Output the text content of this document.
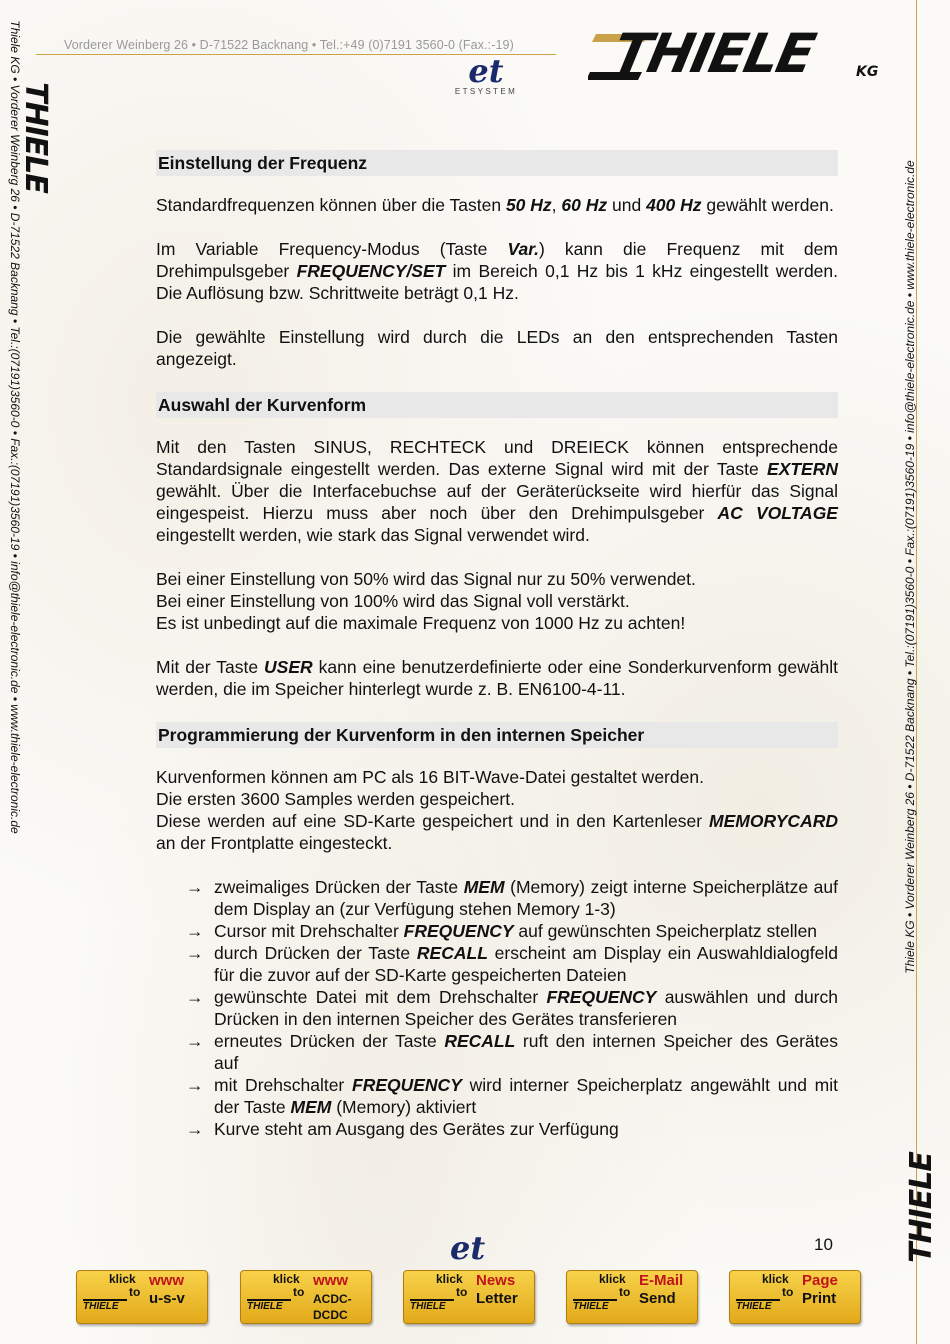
Vorderer Weinberg 26 • D-71522 Backnang • Tel.:+49 (0)7191 3560-0 (Fax.:-19) THIELE	KG
et
ETSYSTEM
THIELE
Thiele KG • Vorderer Weinberg 26 • D-71522 Backnang • Tel.:(07191)3560-0 • Fax.:(07191)3560-19 • info@thiele-electronic.de • www.thiele-electronic.de	Thiele KG • Vorderer Weinberg 26 • D-71522 Backnang • Tel.:(07191)3560-0 • Fax.:(07191)3560-19 • info@thiele-electronic.de • www.thiele-electronic.de
THIELE
Einstellung der Frequenz

Standardfrequenzen können über die Tasten 50 Hz, 60 Hz und 400 Hz gewählt werden.

Im Variable Frequency-Modus (Taste Var.) kann die Frequenz mit dem Drehimpulsgeber FREQUENCY/SET im Bereich 0,1 Hz bis 1 kHz eingestellt werden. Die Auflösung bzw. Schrittweite beträgt 0,1 Hz.

Die gewählte Einstellung wird durch die LEDs an den entsprechenden Tasten angezeigt.

Auswahl der Kurvenform

Mit den Tasten SINUS, RECHTECK und DREIECK können entsprechende Standardsignale eingestellt werden. Das externe Signal wird mit der Taste EXTERN gewählt. Über die Interfacebuchse auf der Geräterückseite wird hierfür das Signal eingespeist. Hierzu muss aber noch über den Drehimpulsgeber AC VOLTAGE eingestellt werden, wie stark das Signal verwendet wird.

Bei einer Einstellung von 50% wird das Signal nur zu 50% verwendet.
Bei einer Einstellung von 100% wird das Signal voll verstärkt.
Es ist unbedingt auf die maximale Frequenz von 1000 Hz zu achten!

Mit der Taste USER kann eine benutzerdefinierte oder eine Sonderkurvenform gewählt werden, die im Speicher hinterlegt wurde z. B. EN6100-4-11.

Programmierung der Kurvenform in den internen Speicher

Kurvenformen können am PC als 16 BIT-Wave-Datei gestaltet werden.
Die ersten 3600 Samples werden gespeichert.
Diese werden auf eine SD-Karte gespeichert und in den Kartenleser MEMORYCARD an der Frontplatte eingesteckt.

→ zweimaliges Drücken der Taste MEM (Memory) zeigt interne Speicherplätze auf dem Display an (zur Verfügung stehen Memory 1-3)
→ Cursor mit Drehschalter FREQUENCY auf gewünschten Speicherplatz stellen
→ durch Drücken der Taste RECALL erscheint am Display ein Auswahldialogfeld für die zuvor auf der SD-Karte gespeicherten Dateien
→ gewünschte Datei mit dem Drehschalter FREQUENCY auswählen und durch Drücken in den internen Speicher des Gerätes transferieren
→ erneutes Drücken der Taste RECALL ruft den internen Speicher des Gerätes auf
→ mit Drehschalter FREQUENCY wird interner Speicherplatz angewählt und mit der Taste MEM (Memory) aktiviert
→ Kurve steht am Ausgang des Gerätes zur Verfügung
et	10
klick
to
THIELE
www
u-s-v
klick
to
THIELE
www
ACDC-DCDC
klick
to
THIELE
News
Letter
klick
to
THIELE
E-Mail
Send
klick
to
THIELE
Page
Print
